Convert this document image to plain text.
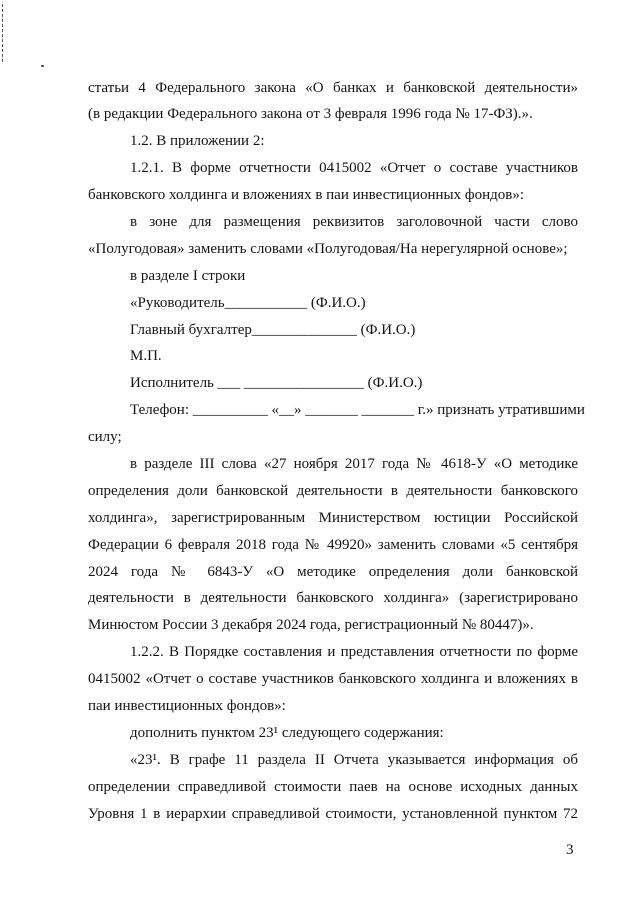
статьи 4 Федерального закона «О банках и банковской деятельности»
(в редакции Федерального закона от 3 февраля 1996 года № 17-ФЗ).».
1.2. В приложении 2:
1.2.1. В форме отчетности 0415002 «Отчет о составе участников
банковского холдинга и вложениях в паи инвестиционных фондов»:
в зоне для размещения реквизитов заголовочной части слово
«Полугодовая» заменить словами «Полугодовая/На нерегулярной основе»;
в разделе I строки
«Руководитель___________ (Ф.И.О.)
Главный бухгалтер______________ (Ф.И.О.)
М.П.
Исполнитель ___ ________________ (Ф.И.О.)
Телефон: __________ «__» _______ _______ г.» признать утратившими
силу;
в разделе III слова «27 ноября 2017 года № 4618-У «О методике
определения доли банковской деятельности в деятельности банковского
холдинга», зарегистрированным Министерством юстиции Российской
Федерации 6 февраля 2018 года № 49920» заменить словами «5 сентября
2024 года № 6843-У «О методике определения доли банковской
деятельности в деятельности банковского холдинга» (зарегистрировано
Минюстом России 3 декабря 2024 года, регистрационный № 80447)».
1.2.2. В Порядке составления и представления отчетности по форме
0415002 «Отчет о составе участников банковского холдинга и вложениях в
паи инвестиционных фондов»:
дополнить пунктом 23¹ следующего содержания:
«23¹. В графе 11 раздела II Отчета указывается информация об
определении справедливой стоимости паев на основе исходных данных
Уровня 1 в иерархии справедливой стоимости, установленной пунктом 72
3
